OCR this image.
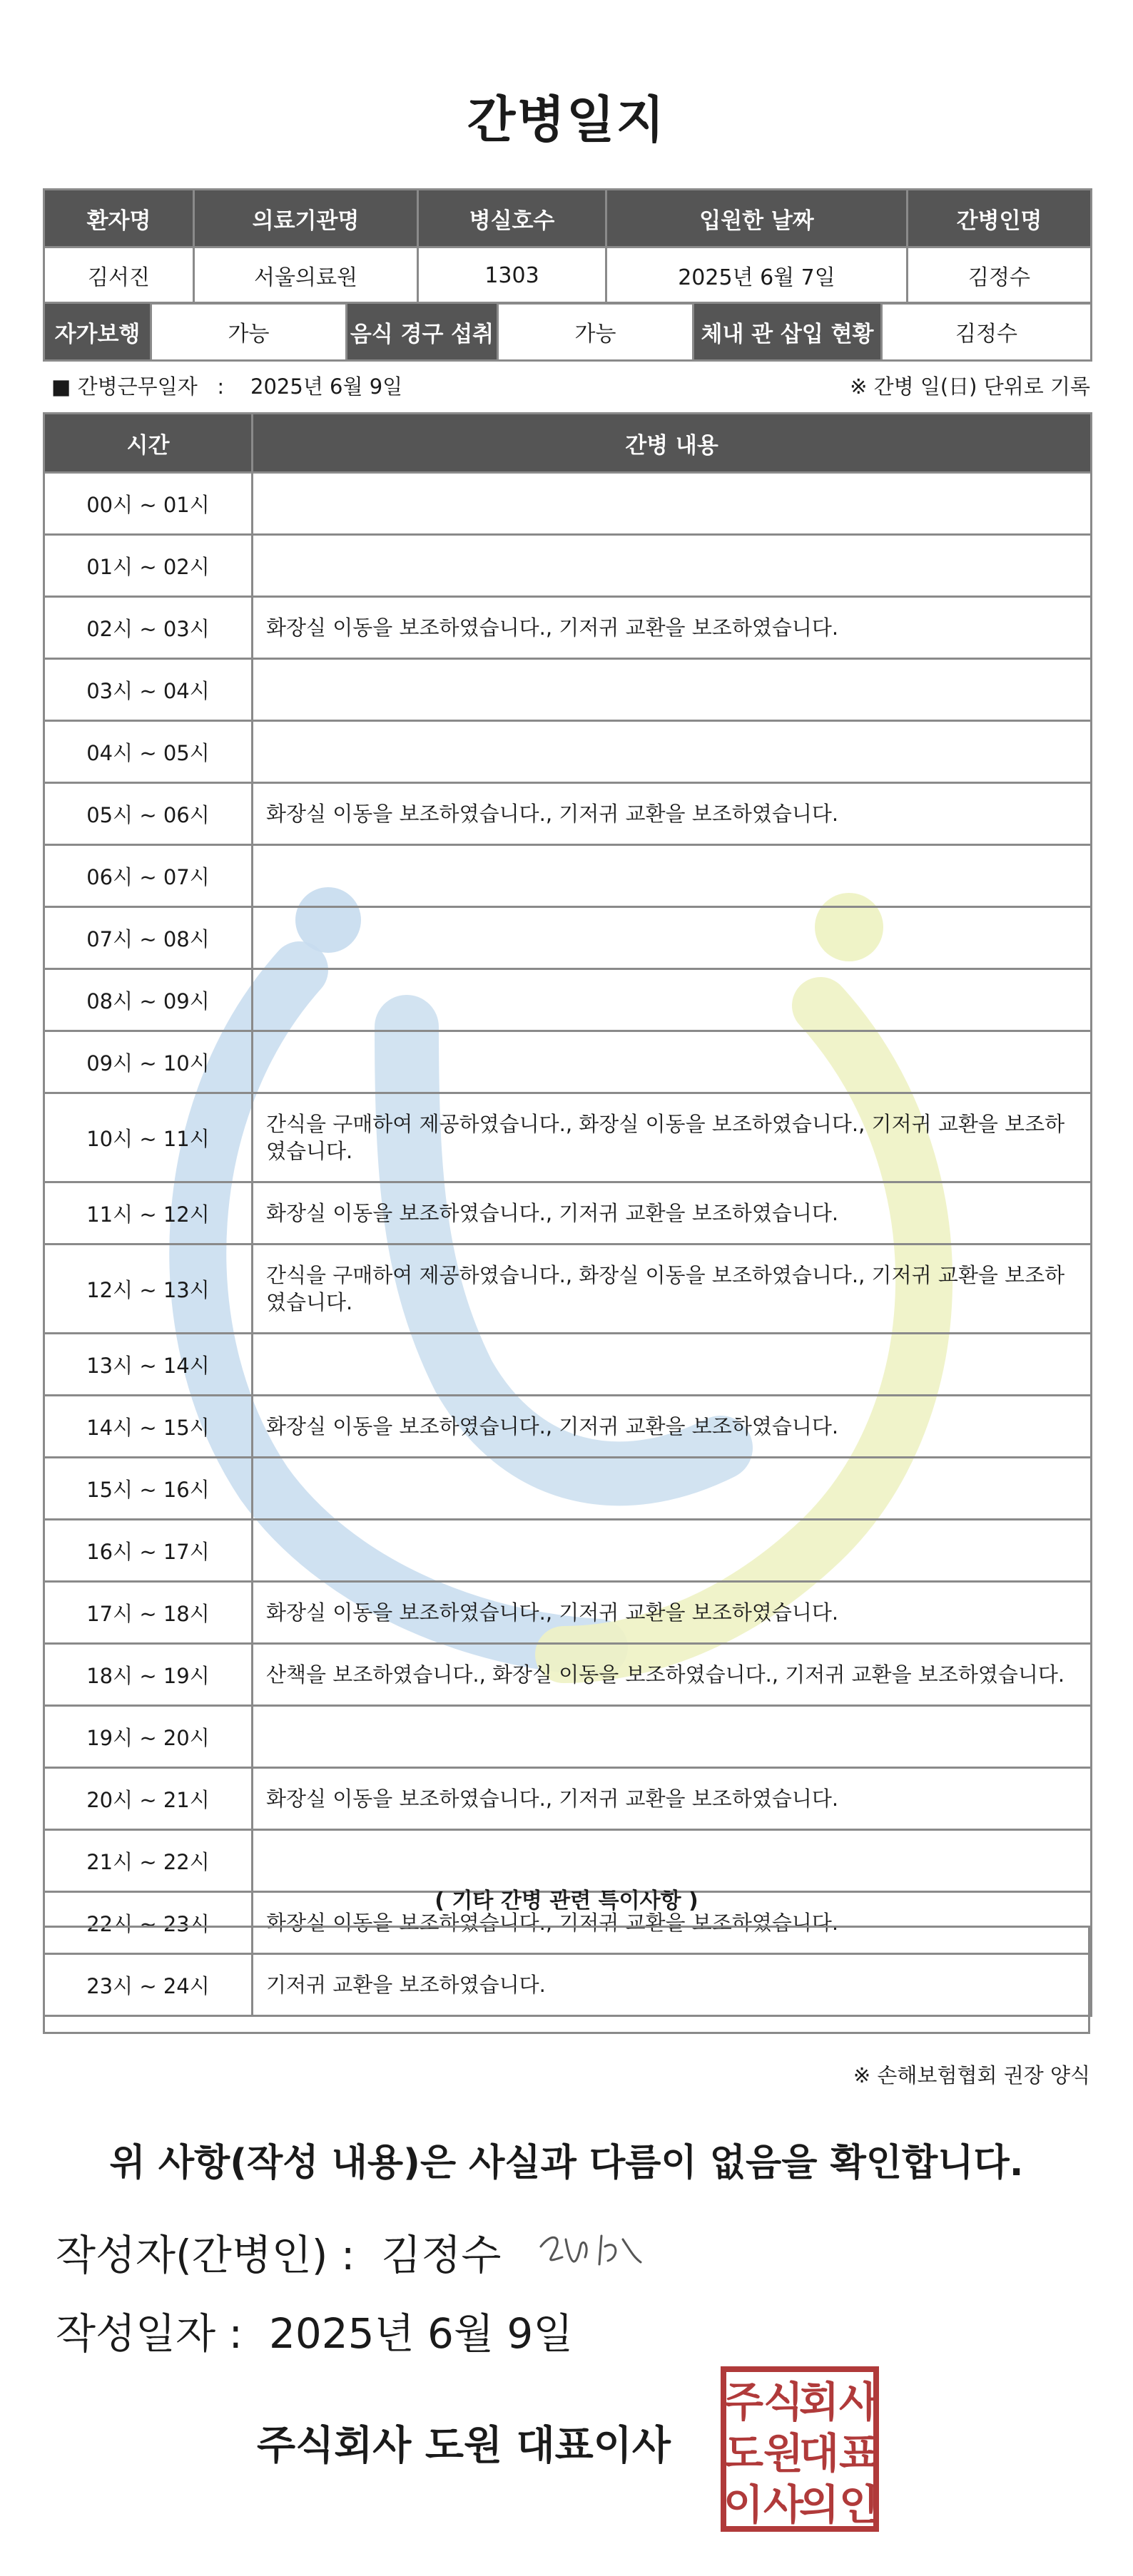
간병일지
환자명	의료기관명	병실호수	입원한 날짜	간병인명
김서진	서울의료원	1303	2025년 6월 7일	김정수
자가보행	가능	음식 경구 섭취	가능	체내 관 삽입 현황	김정수
■ 간병근무일자 : 2025년 6월 9일	※ 간병 일(日) 단위로 기록
시간	간병 내용
00시 ~ 01시	
01시 ~ 02시	
02시 ~ 03시	화장실 이동을 보조하였습니다., 기저귀 교환을 보조하였습니다.
03시 ~ 04시	
04시 ~ 05시	
05시 ~ 06시	화장실 이동을 보조하였습니다., 기저귀 교환을 보조하였습니다.
06시 ~ 07시	
07시 ~ 08시	
08시 ~ 09시	
09시 ~ 10시	
10시 ~ 11시	간식을 구매하여 제공하였습니다., 화장실 이동을 보조하였습니다., 기저귀 교환을 보조하였습니다.
11시 ~ 12시	화장실 이동을 보조하였습니다., 기저귀 교환을 보조하였습니다.
12시 ~ 13시	간식을 구매하여 제공하였습니다., 화장실 이동을 보조하였습니다., 기저귀 교환을 보조하였습니다.
13시 ~ 14시	
14시 ~ 15시	화장실 이동을 보조하였습니다., 기저귀 교환을 보조하였습니다.
15시 ~ 16시	
16시 ~ 17시	
17시 ~ 18시	화장실 이동을 보조하였습니다., 기저귀 교환을 보조하였습니다.
18시 ~ 19시	산책을 보조하였습니다., 화장실 이동을 보조하였습니다., 기저귀 교환을 보조하였습니다.
19시 ~ 20시	
20시 ~ 21시	화장실 이동을 보조하였습니다., 기저귀 교환을 보조하였습니다.
21시 ~ 22시	
22시 ~ 23시	화장실 이동을 보조하였습니다., 기저귀 교환을 보조하였습니다.
23시 ~ 24시	기저귀 교환을 보조하였습니다.
( 기타 간병 관련 특이사항 )
※ 손해보험협회 권장 양식
위 사항(작성 내용)은 사실과 다름이 없음을 확인합니다.
작성자(간병인) : 김정수
작성일자 : 2025년 6월 9일
주식회사 도원 대표이사
주식
회사
도원
대표
이사
의인
